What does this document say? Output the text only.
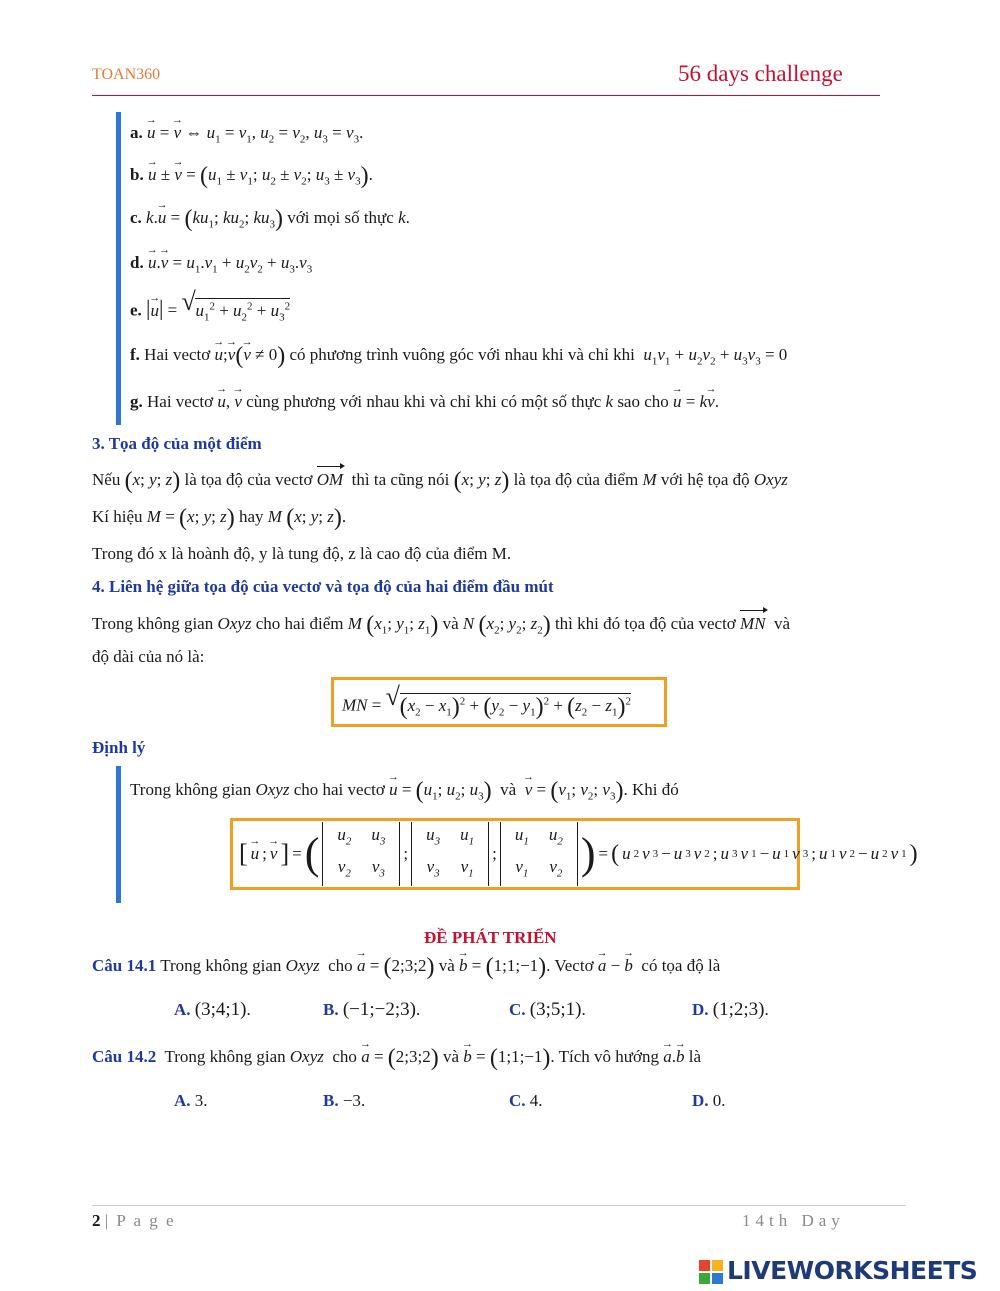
TOAN360	56 days challenge
a. → u = → v ⇔ $u_1 = v_1$, $u_2 = v_2$, $u_3 = v_3$.
b. → u ± → $v = (u_1 \pm v_1$; $u_2 \pm v_2$; $u_3 \pm v_3$).
c. $k.\to u = (ku_1$; $ku_2$; $ku_3$) với mọi số thực k.
d. → $u.\to v = u_1.v_1 + u_2v_2 + u_3.v_3$
e. |→ u| = √ $u_1^2 + u_2^2 + u_3^2$
f. Hai vectơ → u;→ v(→ v ≠ 0) có phương trình vuông góc với nhau khi và chỉ khi $u_1v_1 + u_2v_2 + u_3v_3 = 0$
g. Hai vectơ → u, → v cùng phương với nhau khi và chỉ khi có một số thực k sao cho → u = k→ v.
3. Tọa độ của một điểm
Nếu (x; y; z) là tọa độ của vectơ OM thì ta cũng nói (x; y; z) là tọa độ của điểm M với hệ tọa độ Oxyz
Kí hiệu M = (x; y; z) hay M (x; y; z).
Trong đó x là hoành độ, y là tung độ, z là cao độ của điểm M.
4. Liên hệ giữa tọa độ của vectơ và tọa độ của hai điểm đầu mút
Trong không gian Oxyz cho hai điểm M ($x_1$; $y_1$; $z_1$) và N ($x_2$; $y_2$; $z_2$) thì khi đó tọa độ của vectơ MN và
độ dài của nó là:
MN = √ $(x_2 - x_1)^2 + (y_2 - y_1)^2 + (z_2 - z_1)^2$
Định lý
Trong không gian Oxyz cho hai vectơ → $u = (u_1$; $u_2$; $u_3$) và → $v = (v_1$; $v_2$; $v_3$). Khi đó
[ → u ; → v ] = (	$u_2$ $u_3$
$v_2$ $v_3$
;
$u_3$ $u_1$
$v_3$ $v_1$
;
$u_1$ $u_2$
$v_1$ $v_2$ ) = ( u 2 v 3 − u 3 v 2 ; u 3 v 1 − u 1 v 3 ; u 1 v 2 − u 2 v 1 )
ĐỀ PHÁT TRIỂN
Câu 14.1 Trong không gian Oxyz cho → a = (2;3;2) và → b = (1;1;−1). Vectơ → a − → b có tọa độ là
A. (3;4;1).	B. (−1;−2;3).	C. (3;5;1).	D. (1;2;3).
Câu 14.2 Trong không gian Oxyz cho → a = (2;3;2) và → b = (1;1;−1). Tích vô hướng → a.→ b là
A. 3.	B. −3.	C. 4.	D. 0.
2 | P a g e	14th Day
LIVEWORKSHEETS
